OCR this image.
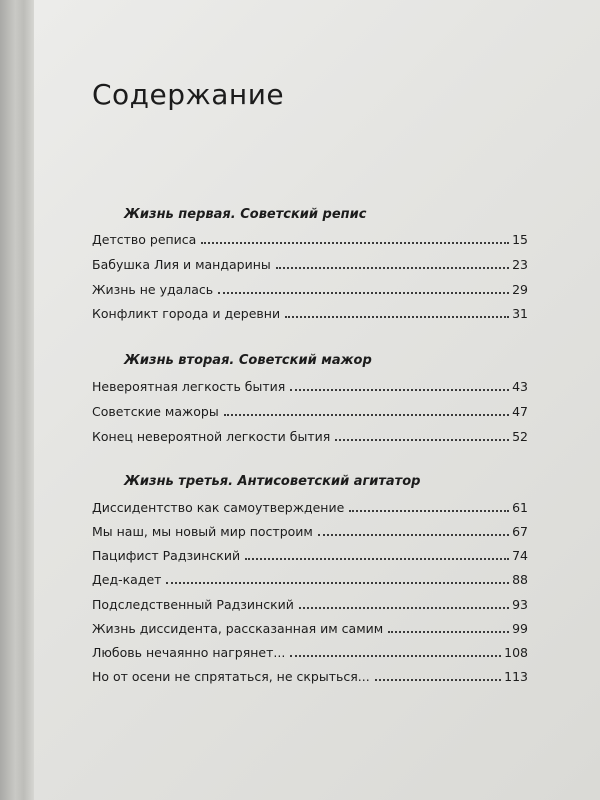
Содержание
Жизнь первая. Советский репис
Детство реписа	15
Бабушка Лия и мандарины	23
Жизнь не удалась	29
Конфликт города и деревни	31
Жизнь вторая. Советский мажор
Невероятная легкость бытия	43
Советские мажоры	47
Конец невероятной легкости бытия	52
Жизнь третья. Антисоветский агитатор
Диссидентство как самоутверждение	61
Мы наш, мы новый мир построим	67
Пацифист Радзинский	74
Дед-кадет	88
Подследственный Радзинский	93
Жизнь диссидента, рассказанная им самим	99
Любовь нечаянно нагрянет...	108
Но от осени не спрятаться, не скрыться...	113
